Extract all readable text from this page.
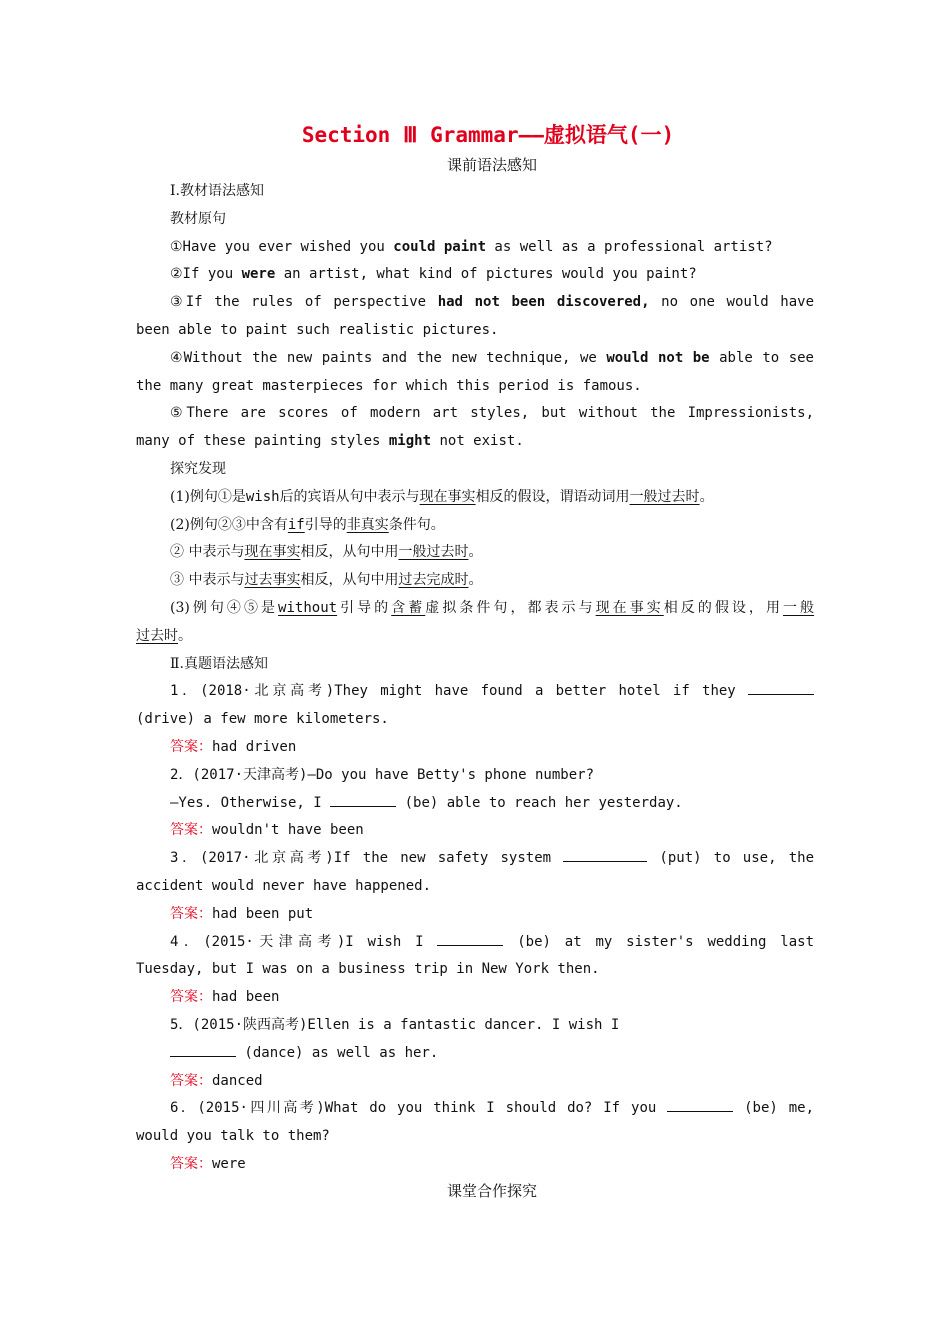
Section Ⅲ Grammar——虚拟语气(一)
课前语法感知
Ⅰ.教材语法感知
教材原句
①Have you ever wished you could paint as well as a professional artist?
②If you were an artist, what kind of pictures would you paint?
③If the rules of perspective had not been discovered, no one would have
been able to paint such realistic pictures.
④Without the new paints and the new technique, we would not be able to see
the many great masterpieces for which this period is famous.
⑤There are scores of modern art styles, but without the Impressionists,
many of these painting styles might not exist.
探究发现
(1)例句①是wish后的宾语从句中表示与现在事实相反的假设，谓语动词用一般过去时。
(2)例句②③中含有if引导的非真实条件句。
② 中表示与现在事实相反，从句中用一般过去时。
③ 中表示与过去事实相反，从句中用过去完成时。
(3)例句④⑤是without引导的含蓄虚拟条件句，都表示与现在事实相反的假设，用一般
过去时。
Ⅱ.真题语法感知
1．(2018·北京高考)They might have found a better hotel if they
(drive) a few more kilometers.
答案：had driven
2．(2017·天津高考)—Do you have Betty's phone number?
—Yes. Otherwise, I	(be) able to reach her yesterday.
答案：wouldn't have been
3．(2017·北京高考)If the new safety system	(put) to use, the
accident would never have happened.
答案：had been put
4．(2015·天津高考)I wish I	(be) at my sister's wedding last
Tuesday, but I was on a business trip in New York then.
答案：had been
5．(2015·陕西高考)Ellen is a fantastic dancer. I wish I
(dance) as well as her.
答案：danced
6．(2015·四川高考)What do you think I should do? If you	(be) me,
would you talk to them?
答案：were
课堂合作探究
